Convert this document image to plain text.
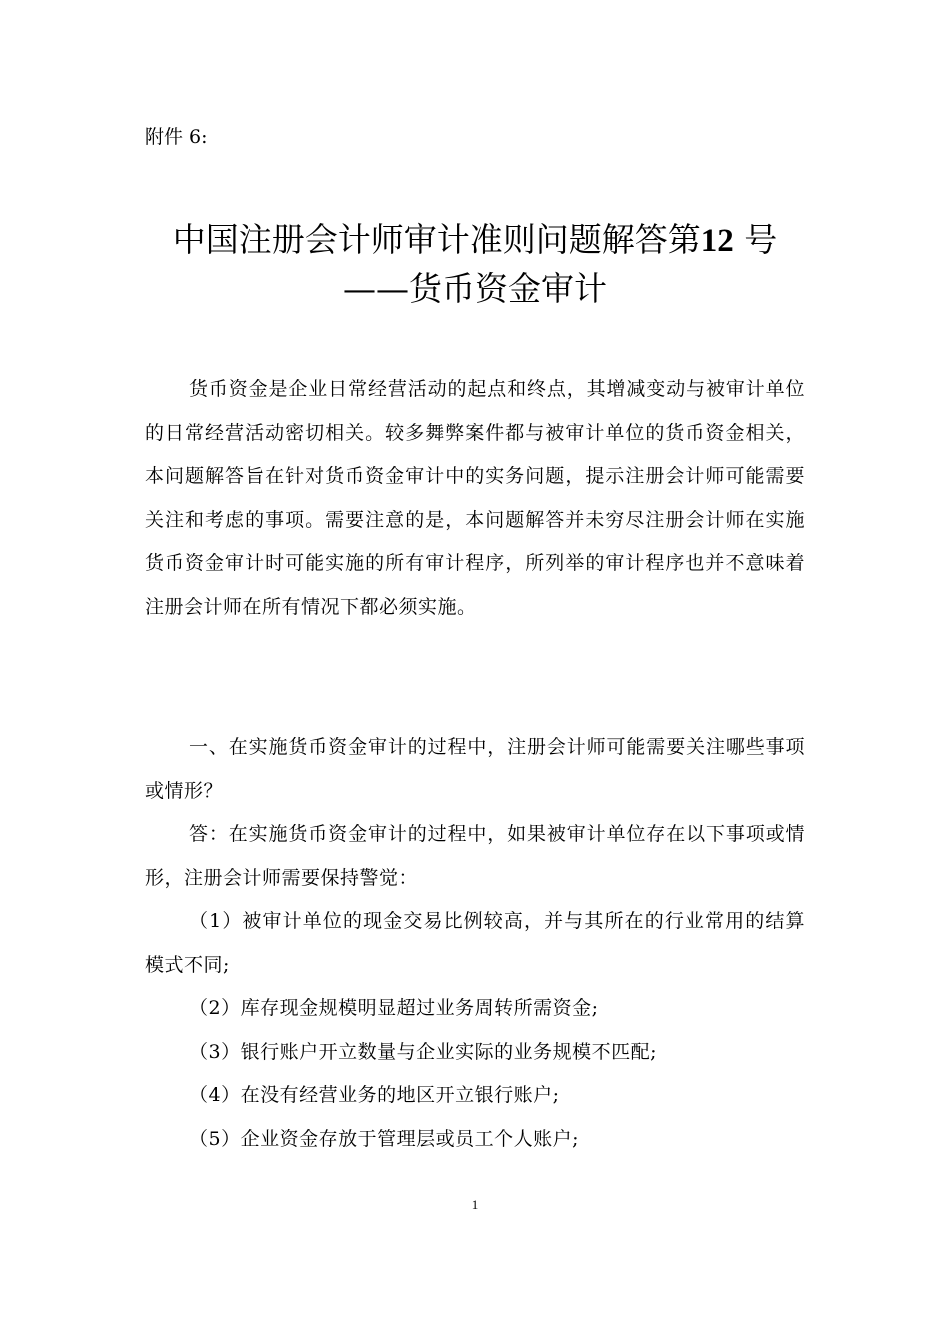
附件 6:
中国注册会计师审计准则问题解答第12 号
——货币资金审计
货币资金是企业日常经营活动的起点和终点，其增减变动与被审计单位的日常经营活动密切相关。较多舞弊案件都与被审计单位的货币资金相关，本问题解答旨在针对货币资金审计中的实务问题，提示注册会计师可能需要关注和考虑的事项。需要注意的是，本问题解答并未穷尽注册会计师在实施货币资金审计时可能实施的所有审计程序，所列举的审计程序也并不意味着注册会计师在所有情况下都必须实施。
一、在实施货币资金审计的过程中，注册会计师可能需要关注哪些事项或情形？
答：在实施货币资金审计的过程中，如果被审计单位存在以下事项或情形，注册会计师需要保持警觉：
（1）被审计单位的现金交易比例较高，并与其所在的行业常用的结算模式不同;
（2）库存现金规模明显超过业务周转所需资金;
（3）银行账户开立数量与企业实际的业务规模不匹配;
（4）在没有经营业务的地区开立银行账户;
（5）企业资金存放于管理层或员工个人账户;
1
